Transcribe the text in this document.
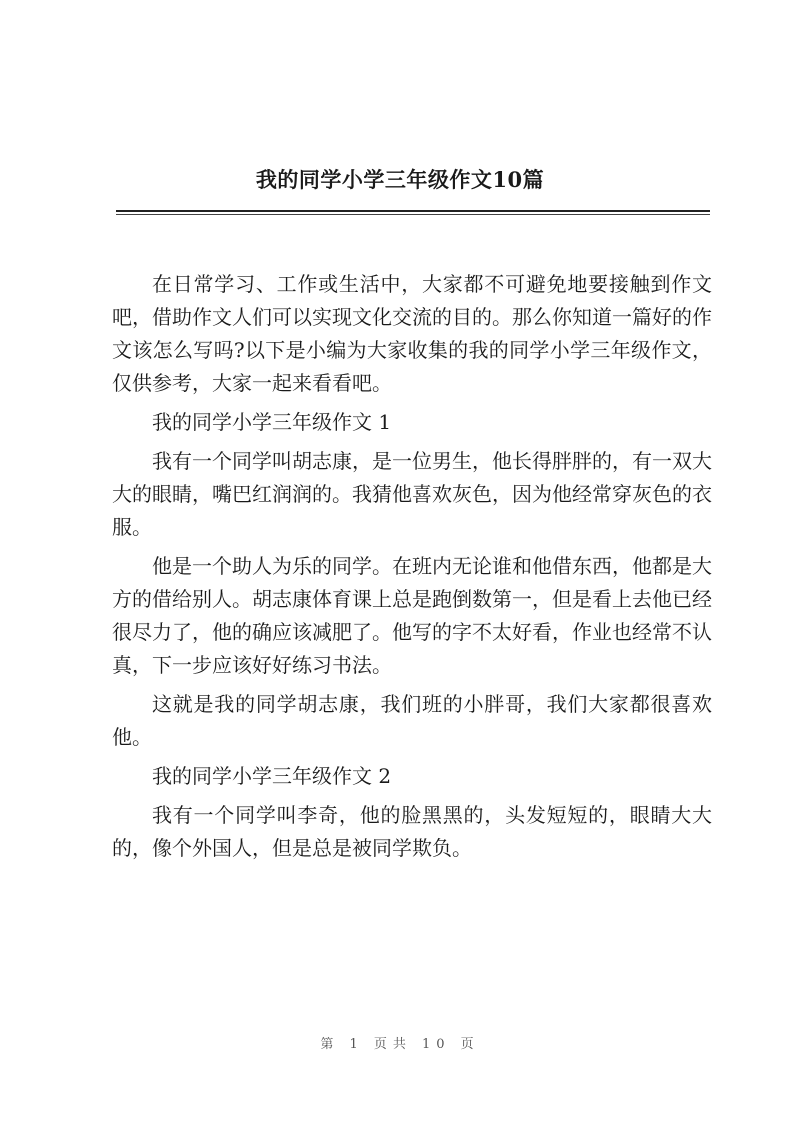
我的同学小学三年级作文10篇

在日常学习、工作或生活中，大家都不可避免地要接触到作文吧，借助作文人们可以实现文化交流的目的。那么你知道一篇好的作文该怎么写吗?以下是小编为大家收集的我的同学小学三年级作文，仅供参考，大家一起来看看吧。

我的同学小学三年级作文 1

我有一个同学叫胡志康，是一位男生，他长得胖胖的，有一双大大的眼睛，嘴巴红润润的。我猜他喜欢灰色，因为他经常穿灰色的衣服。

他是一个助人为乐的同学。在班内无论谁和他借东西，他都是大方的借给别人。胡志康体育课上总是跑倒数第一，但是看上去他已经很尽力了，他的确应该减肥了。他写的字不太好看，作业也经常不认真，下一步应该好好练习书法。

这就是我的同学胡志康，我们班的小胖哥，我们大家都很喜欢他。

我的同学小学三年级作文 2

我有一个同学叫李奇，他的脸黑黑的，头发短短的，眼睛大大的，像个外国人，但是总是被同学欺负。

第 1 页共 10 页
